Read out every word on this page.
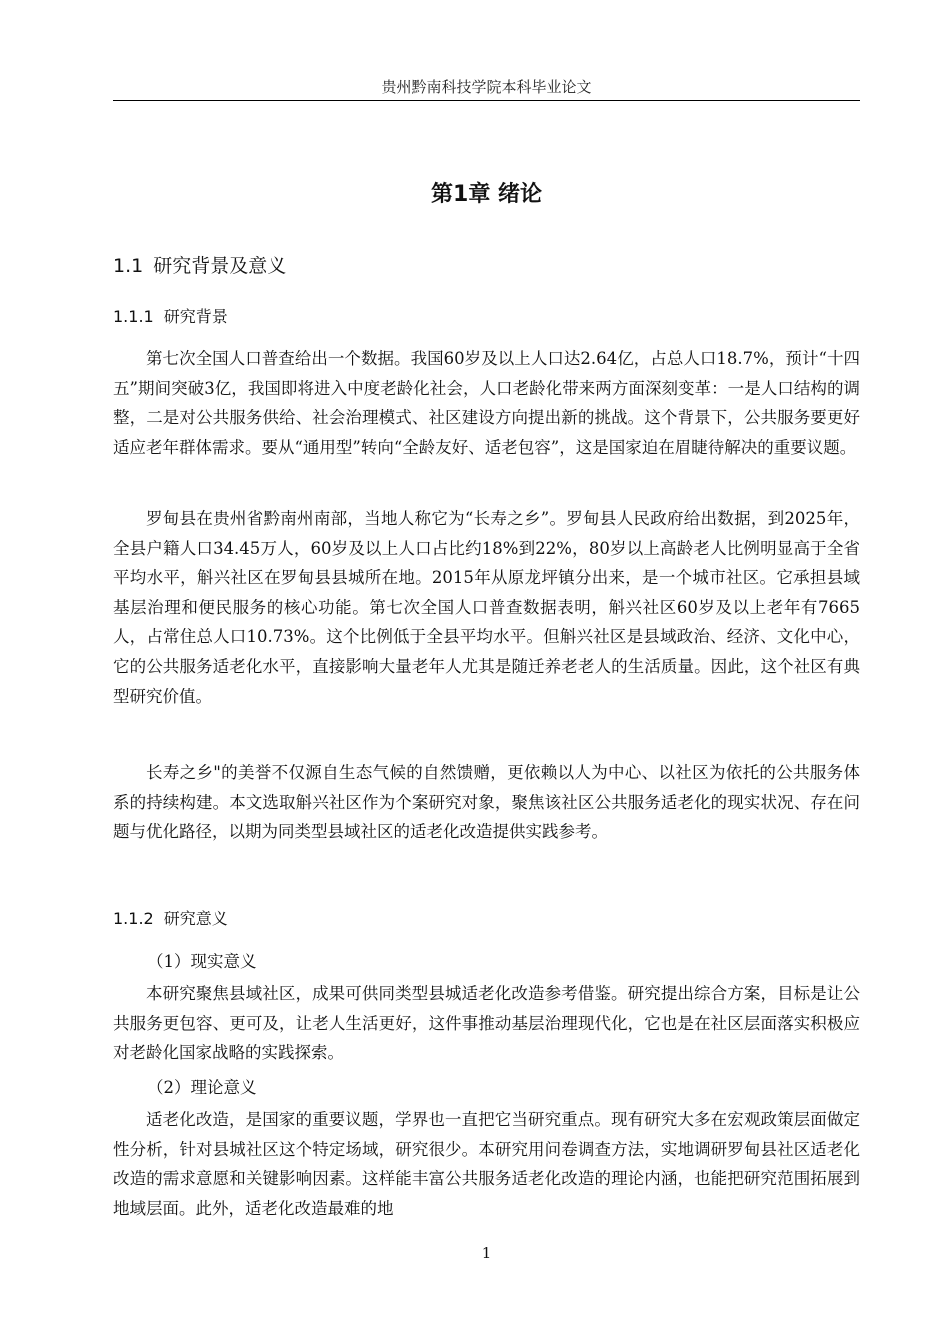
贵州黔南科技学院本科毕业论文
第1章 绪论
1.1 研究背景及意义
1.1.1 研究背景

第七次全国人口普查给出一个数据。我国60岁及以上人口达2.64亿，占总人口18.7%，预计“十四五”期间突破3亿，我国即将进入中度老龄化社会，人口老龄化带来两方面深刻变革：一是人口结构的调整，二是对公共服务供给、社会治理模式、社区建设方向提出新的挑战。这个背景下，公共服务要更好适应老年群体需求。要从“通用型”转向“全龄友好、适老包容”，这是国家迫在眉睫待解决的重要议题。

罗甸县在贵州省黔南州南部，当地人称它为“长寿之乡”。罗甸县人民政府给出数据，到2025年，全县户籍人口34.45万人，60岁及以上人口占比约18%到22%，80岁以上高龄老人比例明显高于全省平均水平，斛兴社区在罗甸县县城所在地。2015年从原龙坪镇分出来，是一个城市社区。它承担县域基层治理和便民服务的核心功能。第七次全国人口普查数据表明，斛兴社区60岁及以上老年有7665人，占常住总人口10.73%。这个比例低于全县平均水平。但斛兴社区是县域政治、经济、文化中心，它的公共服务适老化水平，直接影响大量老年人尤其是随迁养老老人的生活质量。因此，这个社区有典型研究价值。

长寿之乡"的美誉不仅源自生态气候的自然馈赠，更依赖以人为中心、以社区为依托的公共服务体系的持续构建。本文选取斛兴社区作为个案研究对象，聚焦该社区公共服务适老化的现实状况、存在问题与优化路径，以期为同类型县域社区的适老化改造提供实践参考。

1.1.2 研究意义

（1）现实意义

本研究聚焦县域社区，成果可供同类型县城适老化改造参考借鉴。研究提出综合方案，目标是让公共服务更包容、更可及，让老人生活更好，这件事推动基层治理现代化，它也是在社区层面落实积极应对老龄化国家战略的实践探索。

（2）理论意义

适老化改造，是国家的重要议题，学界也一直把它当研究重点。现有研究大多在宏观政策层面做定性分析，针对县城社区这个特定场域，研究很少。本研究用问卷调查方法，实地调研罗甸县社区适老化改造的需求意愿和关键影响因素。这样能丰富公共服务适老化改造的理论内涵，也能把研究范围拓展到地域层面。此外，适老化改造最难的地

1
